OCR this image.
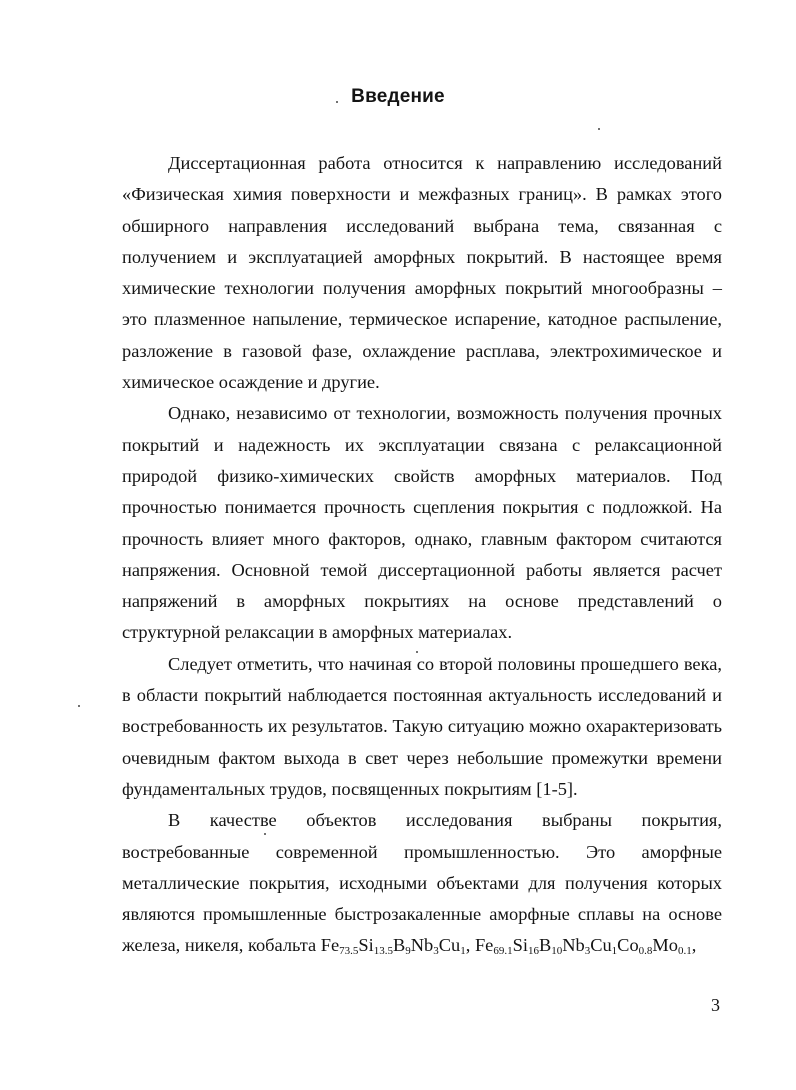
Введение

Диссертационная работа относится к направлению исследований «Физическая химия поверхности и межфазных границ». В рамках этого обширного направления исследований выбрана тема, связанная с получением и эксплуатацией аморфных покрытий. В настоящее время химические технологии получения аморфных покрытий многообразны – это плазменное напыление, термическое испарение, катодное распыление, разложение в газовой фазе, охлаждение расплава, электрохимическое и химическое осаждение и другие.

Однако, независимо от технологии, возможность получения прочных покрытий и надежность их эксплуатации связана с релаксационной природой физико-химических свойств аморфных материалов. Под прочностью понимается прочность сцепления покрытия с подложкой. На прочность влияет много факторов, однако, главным фактором считаются напряжения. Основной темой диссертационной работы является расчет напряжений в аморфных покрытиях на основе представлений о структурной релаксации в аморфных материалах.

Следует отметить, что начиная со второй половины прошедшего века, в области покрытий наблюдается постоянная актуальность исследований и востребованность их результатов. Такую ситуацию можно охарактеризовать очевидным фактом выхода в свет через небольшие промежутки времени фундаментальных трудов, посвященных покрытиям [1-5].

В качестве объектов исследования выбраны покрытия, востребованные современной промышленностью. Это аморфные металлические покрытия, исходными объектами для получения которых являются промышленные быстрозакаленные аморфные сплавы на основе железа, никеля, кобальта $Fe_{73.5}Si_{13.5}B_9Nb_3Cu_1$, $Fe_{69.1}Si_{16}B_{10}Nb_3Cu_1Co_{0.8}Mo_{0.1}$,

3
